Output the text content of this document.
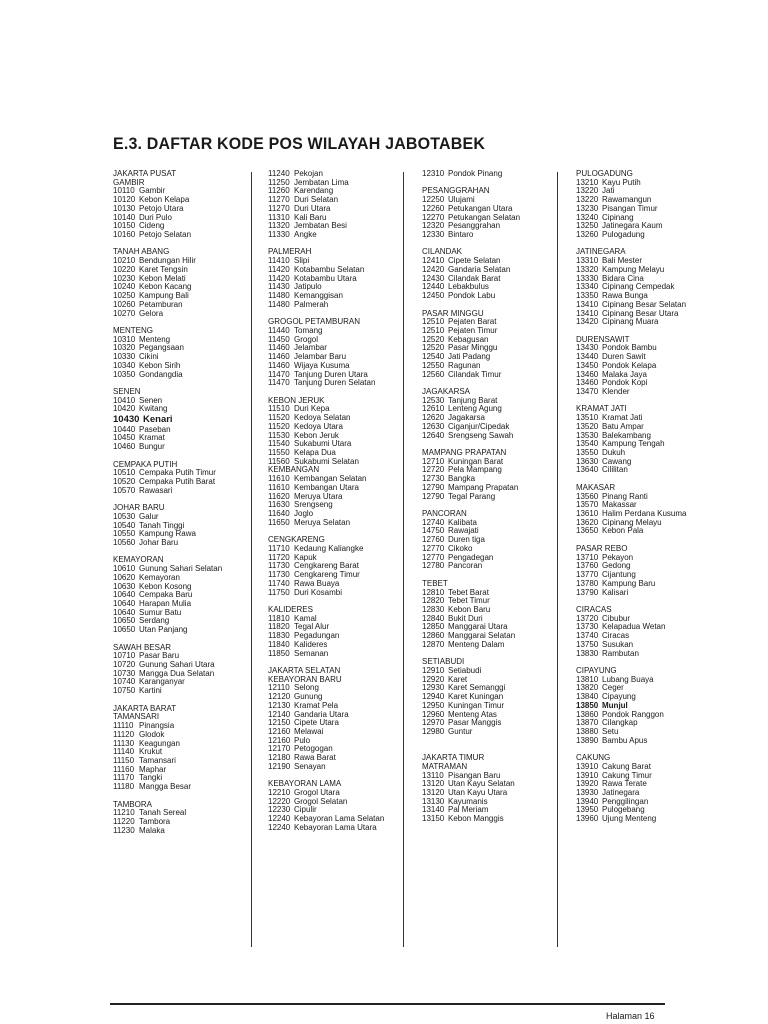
E.3. DAFTAR KODE POS WILAYAH JABOTABEK
JAKARTA PUSAT
GAMBIR
10110 Gambir
10120 Kebon Kelapa
10130 Petojo Utara
10140 Duri Pulo
10150 Cideng
10160 Petojo Selatan
TANAH ABANG
10210 Bendungan Hilir
10220 Karet Tengsin
10230 Kebon Melati
10240 Kebon Kacang
10250 Kampung Bali
10260 Petamburan
10270 Gelora
MENTENG
10310 Menteng
10320 Pegangsaan
10330 Cikini
10340 Kebon Sirih
10350 Gondangdia
SENEN
10410 Senen
10420 Kwitang
10430 Kenari
10440 Paseban
10450 Kramat
10460 Bungur
CEMPAKA PUTIH
10510 Cempaka Putih Timur
10520 Cempaka Putih Barat
10570 Rawasari
JOHAR BARU
10530 Galur
10540 Tanah Tinggi
10550 Kampung Rawa
10560 Johar Baru
KEMAYORAN
10610 Gunung Sahari Selatan
10620 Kemayoran
10630 Kebon Kosong
10640 Cempaka Baru
10640 Harapan Mulia
10640 Sumur Batu
10650 Serdang
10650 Utan Panjang
SAWAH BESAR
10710 Pasar Baru
10720 Gunung Sahari Utara
10730 Mangga Dua Selatan
10740 Karanganyar
10750 Kartini
JAKARTA BARAT
TAMANSARI
11110 Pinangsia
11120 Glodok
11130 Keagungan
11140 Krukut
11150 Tamansari
11160 Maphar
11170 Tangki
11180 Mangga Besar
TAMBORA
11210 Tanah Sereal
11220 Tambora
11230 Malaka
11240 Pekojan
11250 Jembatan Lima
11260 Karendang
11270 Duri Selatan
11270 Duri Utara
11310 Kali Baru
11320 Jembatan Besi
11330 Angke
PALMERAH
11410 Slipi
11420 Kotabambu Selatan
11420 Kotabambu Utara
11430 Jatipulo
11480 Kemanggisan
11480 Palmerah
GROGOL PETAMBURAN
11440 Tomang
11450 Grogol
11460 Jelambar
11460 Jelambar Baru
11460 Wijaya Kusuma
11470 Tanjung Duren Utara
11470 Tanjung Duren Selatan
KEBON JERUK
11510 Duri Kepa
11520 Kedoya Selatan
11520 Kedoya Utara
11530 Kebon Jeruk
11540 Sukabumi Utara
11550 Kelapa Dua
11560 Sukabumi Selatan
KEMBANGAN
11610 Kembangan Selatan
11610 Kembangan Utara
11620 Meruya Utara
11630 Srengseng
11640 Joglo
11650 Meruya Selatan
CENGKARENG
11710 Kedaung Kaliangke
11720 Kapuk
11730 Cengkareng Barat
11730 Cengkareng Timur
11740 Rawa Buaya
11750 Duri Kosambi
KALIDERES
11810 Kamal
11820 Tegal Alur
11830 Pegadungan
11840 Kalideres
11850 Semanan
JAKARTA SELATAN
KEBAYORAN BARU
12110 Selong
12120 Gunung
12130 Kramat Pela
12140 Gandaria Utara
12150 Cipete Utara
12160 Melawai
12160 Pulo
12170 Petogogan
12180 Rawa Barat
12190 Senayan
KEBAYORAN LAMA
12210 Grogol Utara
12220 Grogol Selatan
12230 Cipulir
12240 Kebayoran Lama Selatan
12240 Kebayoran Lama Utara
12310 Pondok Pinang
PESANGGRAHAN
12250 Ulujami
12260 Petukangan Utara
12270 Petukangan Selatan
12320 Pesanggrahan
12330 Bintaro
CILANDAK
12410 Cipete Selatan
12420 Gandaria Selatan
12430 Cilandak Barat
12440 Lebakbulus
12450 Pondok Labu
PASAR MINGGU
12510 Pejaten Barat
12510 Pejaten Timur
12520 Kebagusan
12520 Pasar Minggu
12540 Jati Padang
12550 Ragunan
12560 Cilandak Timur
JAGAKARSA
12530 Tanjung Barat
12610 Lenteng Agung
12620 Jagakarsa
12630 Ciganjur/Cipedak
12640 Srengseng Sawah
MAMPANG PRAPATAN
12710 Kuningan Barat
12720 Pela Mampang
12730 Bangka
12790 Mampang Prapatan
12790 Tegal Parang
PANCORAN
12740 Kalibata
14750 Rawajati
12760 Duren tiga
12770 Cikoko
12770 Pengadegan
12780 Pancoran
TEBET
12810 Tebet Barat
12820 Tebet Timur
12830 Kebon Baru
12840 Bukit Duri
12850 Manggarai Utara
12860 Manggarai Selatan
12870 Menteng Dalam
SETIABUDI
12910 Setiabudi
12920 Karet
12930 Karet Semanggi
12940 Karet Kuningan
12950 Kuningan Timur
12960 Menteng Atas
12970 Pasar Manggis
12980 Guntur
JAKARTA TIMUR
MATRAMAN
13110 Pisangan Baru
13120 Utan Kayu Selatan
13120 Utan Kayu Utara
13130 Kayumanis
13140 Pal Meriam
13150 Kebon Manggis
PULOGADUNG
13210 Kayu Putih
13220 Jati
13220 Rawamangun
13230 Pisangan Timur
13240 Cipinang
13250 Jatinegara Kaum
13260 Pulogadung
JATINEGARA
13310 Bali Mester
13320 Kampung Melayu
13330 Bidara Cina
13340 Cipinang Cempedak
13350 Rawa Bunga
13410 Cipinang Besar Selatan
13410 Cipinang Besar Utara
13420 Cipinang Muara
DURENSAWIT
13430 Pondok Bambu
13440 Duren Sawit
13450 Pondok Kelapa
13460 Malaka Jaya
13460 Pondok Kopi
13470 Klender
KRAMAT JATI
13510 Kramat Jati
13520 Batu Ampar
13530 Balekambang
13540 Kampung Tengah
13550 Dukuh
13630 Cawang
13640 Cililitan
MAKASAR
13560 Pinang Ranti
13570 Makassar
13610 Halim Perdana Kusuma
13620 Cipinang Melayu
13650 Kebon Pala
PASAR REBO
13710 Pekayon
13760 Gedong
13770 Cijantung
13780 Kampung Baru
13790 Kalisari
CIRACAS
13720 Cibubur
13730 Kelapadua Wetan
13740 Ciracas
13750 Susukan
13830 Rambutan
CIPAYUNG
13810 Lubang Buaya
13820 Ceger
13840 Cipayung
13850 Munjul
13860 Pondok Ranggon
13870 Cilangkap
13880 Setu
13890 Bambu Apus
CAKUNG
13910 Cakung Barat
13910 Cakung Timur
13920 Rawa Terate
13930 Jatinegara
13940 Penggilingan
13950 Pulogebang
13960 Ujung Menteng
Halaman 16
